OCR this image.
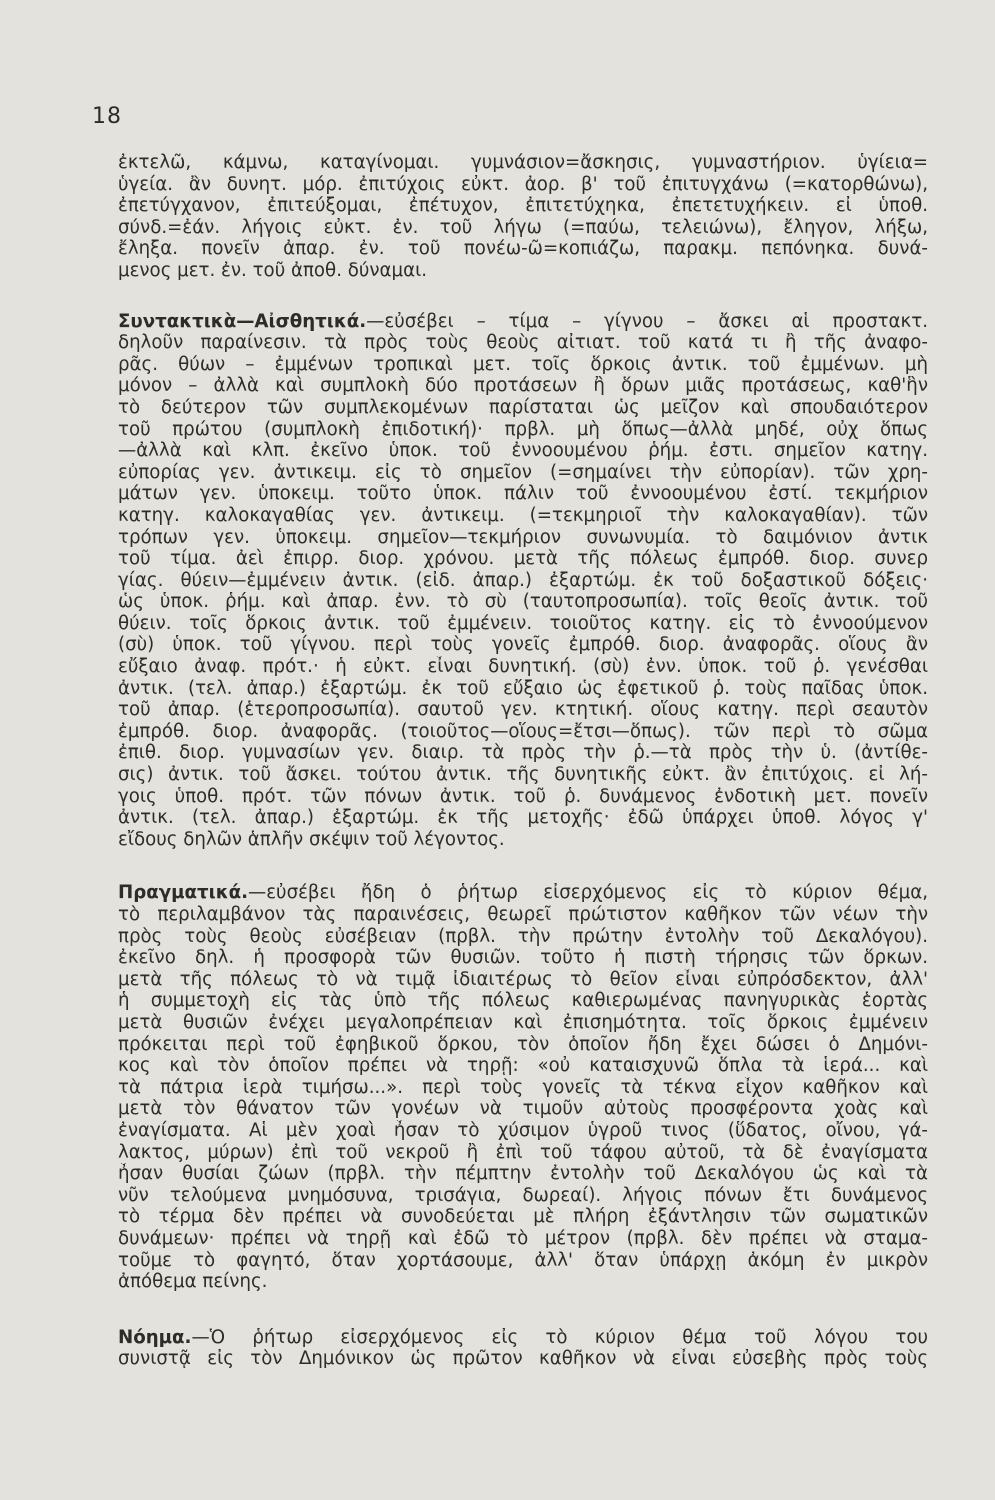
18
ἐκτελῶ, κάμνω, καταγίνομαι. γυμνάσιον=ἄσκησις, γυμναστήριον. ὑγίεια=
ὑγεία. ἂν δυνητ. μόρ. ἐπιτύχοις εὐκτ. ἀορ. β' τοῦ ἐπιτυγχάνω (=κατορθώνω),
ἐπετύγχανον, ἐπιτεύξομαι, ἐπέτυχον, ἐπιτετύχηκα, ἐπετετυχήκειν. εἰ ὑποθ.
σύνδ.=ἐάν. λήγοις εὐκτ. ἐν. τοῦ λήγω (=παύω, τελειώνω), ἔληγον, λήξω,
ἔληξα. πονεῖν ἀπαρ. ἐν. τοῦ πονέω-ῶ=κοπιάζω, παρακμ. πεπόνηκα. δυνά-
μενος μετ. ἐν. τοῦ ἀποθ. δύναμαι.
Συντακτικὰ—Αἰσθητικά.—εὐσέβει – τίμα – γίγνου – ἄσκει αἱ προστακτ.
δηλοῦν παραίνεσιν. τὰ πρὸς τοὺς θεοὺς αἰτιατ. τοῦ κατά τι ἢ τῆς ἀναφο-
ρᾶς. θύων – ἐμμένων τροπικαὶ μετ. τοῖς ὅρκοις ἀντικ. τοῦ ἐμμένων. μὴ
μόνον – ἀλλὰ καὶ συμπλοκὴ δύο προτάσεων ἢ ὅρων μιᾶς προτάσεως, καθ'ἣν
τὸ δεύτερον τῶν συμπλεκομένων παρίσταται ὡς μεῖζον καὶ σπουδαιότερον
τοῦ πρώτου (συμπλοκὴ ἐπιδοτική)· πρβλ. μὴ ὅπως—ἀλλὰ μηδέ, οὐχ ὅπως
—ἀλλὰ καὶ κλπ. ἐκεῖνο ὑποκ. τοῦ ἐννοουμένου ῥήμ. ἐστι. σημεῖον κατηγ.
εὐπορίας γεν. ἀντικειμ. εἰς τὸ σημεῖον (=σημαίνει τὴν εὐπορίαν). τῶν χρη-
μάτων γεν. ὑποκειμ. τοῦτο ὑποκ. πάλιν τοῦ ἐννοουμένου ἐστί. τεκμήριον
κατηγ. καλοκαγαθίας γεν. ἀντικειμ. (=τεκμηριοῖ τὴν καλοκαγαθίαν). τῶν
τρόπων γεν. ὑποκειμ. σημεῖον—τεκμήριον συνωνυμία. τὸ δαιμόνιον ἀντικ
τοῦ τίμα. ἀεὶ ἐπιρρ. διορ. χρόνου. μετὰ τῆς πόλεως ἐμπρόθ. διορ. συνερ
γίας. θύειν—ἐμμένειν ἀντικ. (εἰδ. ἀπαρ.) ἐξαρτώμ. ἐκ τοῦ δοξαστικοῦ δόξεις·
ὡς ὑποκ. ῥήμ. καὶ ἀπαρ. ἐνν. τὸ σὺ (ταυτοπροσωπία). τοῖς θεοῖς ἀντικ. τοῦ
θύειν. τοῖς ὅρκοις ἀντικ. τοῦ ἐμμένειν. τοιοῦτος κατηγ. εἰς τὸ ἐννοούμενον
(σὺ) ὑποκ. τοῦ γίγνου. περὶ τοὺς γονεῖς ἐμπρόθ. διορ. ἀναφορᾶς. οἵους ἂν
εὔξαιο ἀναφ. πρότ.· ἡ εὐκτ. εἶναι δυνητική. (σὺ) ἐνν. ὑποκ. τοῦ ῥ. γενέσθαι
ἀντικ. (τελ. ἀπαρ.) ἐξαρτώμ. ἐκ τοῦ εὔξαιο ὡς ἐφετικοῦ ῥ. τοὺς παῖδας ὑποκ.
τοῦ ἀπαρ. (ἑτεροπροσωπία). σαυτοῦ γεν. κτητική. οἵους κατηγ. περὶ σεαυτὸν
ἐμπρόθ. διορ. ἀναφορᾶς. (τοιοῦτος—οἵους=ἔτσι—ὅπως). τῶν περὶ τὸ σῶμα
ἐπιθ. διορ. γυμνασίων γεν. διαιρ. τὰ πρὸς τὴν ῥ.—τὰ πρὸς τὴν ὑ. (ἀντίθε-
σις) ἀντικ. τοῦ ἄσκει. τούτου ἀντικ. τῆς δυνητικῆς εὐκτ. ἂν ἐπιτύχοις. εἰ λή-
γοις ὑποθ. πρότ. τῶν πόνων ἀντικ. τοῦ ῥ. δυνάμενος ἐνδοτικὴ μετ. πονεῖν
ἀντικ. (τελ. ἀπαρ.) ἐξαρτώμ. ἐκ τῆς μετοχῆς· ἐδῶ ὑπάρχει ὑποθ. λόγος γ'
εἴδους δηλῶν ἁπλῆν σκέψιν τοῦ λέγοντος.
Πραγματικά.—εὐσέβει ἤδη ὁ ῥήτωρ εἰσερχόμενος εἰς τὸ κύριον θέμα,
τὸ περιλαμβάνον τὰς παραινέσεις, θεωρεῖ πρώτιστον καθῆκον τῶν νέων τὴν
πρὸς τοὺς θεοὺς εὐσέβειαν (πρβλ. τὴν πρώτην ἐντολὴν τοῦ Δεκαλόγου).
ἐκεῖνο δηλ. ἡ προσφορὰ τῶν θυσιῶν. τοῦτο ἡ πιστὴ τήρησις τῶν ὅρκων.
μετὰ τῆς πόλεως τὸ νὰ τιμᾷ ἰδιαιτέρως τὸ θεῖον εἶναι εὐπρόσδεκτον, ἀλλ'
ἡ συμμετοχὴ εἰς τὰς ὑπὸ τῆς πόλεως καθιερωμένας πανηγυρικὰς ἑορτὰς
μετὰ θυσιῶν ἐνέχει μεγαλοπρέπειαν καὶ ἐπισημότητα. τοῖς ὅρκοις ἐμμένειν
πρόκειται περὶ τοῦ ἐφηβικοῦ ὅρκου, τὸν ὁποῖον ἤδη ἔχει δώσει ὁ Δημόνι-
κος καὶ τὸν ὁποῖον πρέπει νὰ τηρῇ: «οὐ καταισχυνῶ ὅπλα τὰ ἱερά... καὶ
τὰ πάτρια ἱερὰ τιμήσω...». περὶ τοὺς γονεῖς τὰ τέκνα εἶχον καθῆκον καὶ
μετὰ τὸν θάνατον τῶν γονέων νὰ τιμοῦν αὐτοὺς προσφέροντα χοὰς καὶ
ἐναγίσματα. Αἱ μὲν χοαὶ ἦσαν τὸ χύσιμον ὑγροῦ τινος (ὕδατος, οἴνου, γά-
λακτος, μύρων) ἐπὶ τοῦ νεκροῦ ἢ ἐπὶ τοῦ τάφου αὐτοῦ, τὰ δὲ ἐναγίσματα
ἦσαν θυσίαι ζώων (πρβλ. τὴν πέμπτην ἐντολὴν τοῦ Δεκαλόγου ὡς καὶ τὰ
νῦν τελούμενα μνημόσυνα, τρισάγια, δωρεαί). λήγοις πόνων ἔτι δυνάμενος
τὸ τέρμα δὲν πρέπει νὰ συνοδεύεται μὲ πλήρη ἐξάντλησιν τῶν σωματικῶν
δυνάμεων· πρέπει νὰ τηρῇ καὶ ἐδῶ τὸ μέτρον (πρβλ. δὲν πρέπει νὰ σταμα-
τοῦμε τὸ φαγητό, ὅταν χορτάσουμε, ἀλλ' ὅταν ὑπάρχῃ ἀκόμη ἐν μικρὸν
ἀπόθεμα πείνης.
Νόημα.—Ὁ ῥήτωρ εἰσερχόμενος εἰς τὸ κύριον θέμα τοῦ λόγου του
συνιστᾷ εἰς τὸν Δημόνικον ὡς πρῶτον καθῆκον νὰ εἶναι εὐσεβὴς πρὸς τοὺς
